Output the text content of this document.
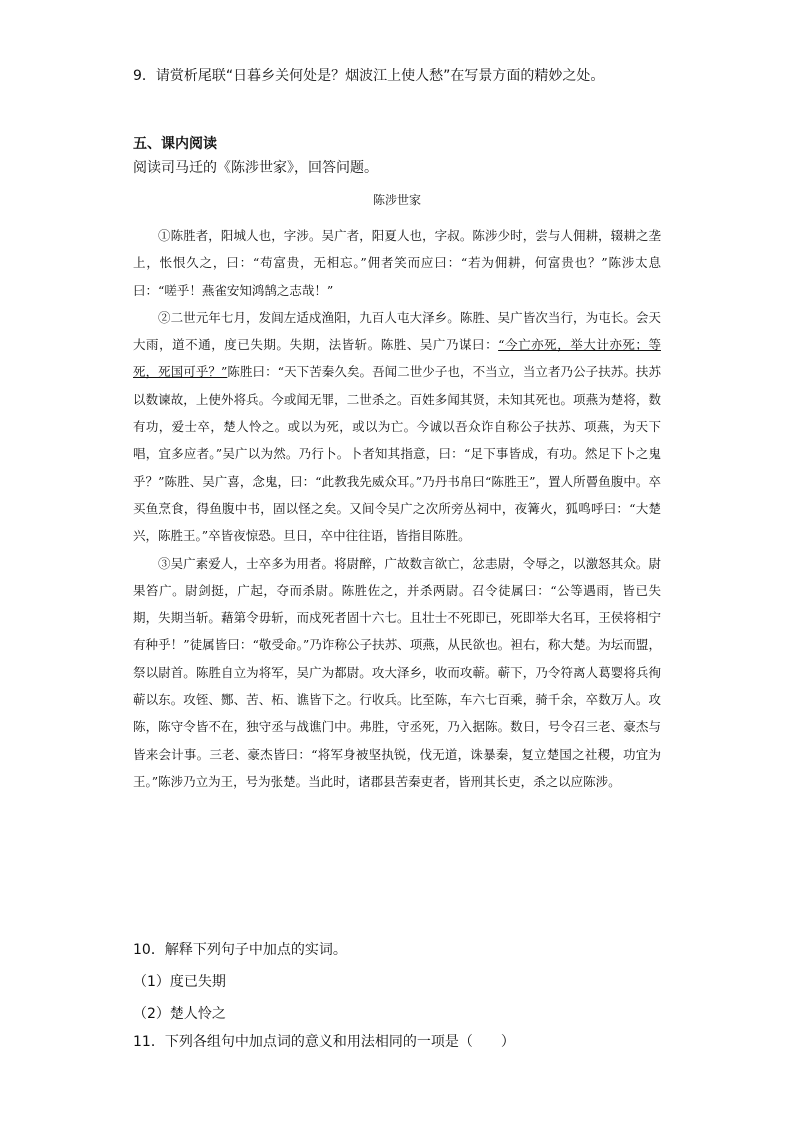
9．请赏析尾联“日暮乡关何处是？烟波江上使人愁”在写景方面的精妙之处。
五、课内阅读
阅读司马迁的《陈涉世家》，回答问题。
陈涉世家

①陈胜者，阳城人也，字涉。吴广者，阳夏人也，字叔。陈涉少时，尝与人佣耕，辍耕之垄上，怅恨久之，曰：“苟富贵，无相忘。”佣者笑而应曰：“若为佣耕，何富贵也？”陈涉太息曰：“嗟乎！燕雀安知鸿鹄之志哉！”

②二世元年七月，发闾左适戍渔阳，九百人屯大泽乡。陈胜、吴广皆次当行，为屯长。会天大雨，道不通，度已失期。失期，法皆斩。陈胜、吴广乃谋曰：“今亡亦死，举大计亦死；等死，死国可乎？”陈胜曰：“天下苦秦久矣。吾闻二世少子也，不当立，当立者乃公子扶苏。扶苏以数谏故，上使外将兵。今或闻无罪，二世杀之。百姓多闻其贤，未知其死也。项燕为楚将，数有功，爱士卒，楚人怜之。或以为死，或以为亡。今诚以吾众诈自称公子扶苏、项燕，为天下唱，宜多应者。”吴广以为然。乃行卜。卜者知其指意，曰：“足下事皆成，有功。然足下卜之鬼乎？”陈胜、吴广喜，念鬼，曰：“此教我先威众耳。”乃丹书帛曰“陈胜王”，置人所罾鱼腹中。卒买鱼烹食，得鱼腹中书，固以怪之矣。又间令吴广之次所旁丛祠中，夜篝火，狐鸣呼曰：“大楚兴，陈胜王。”卒皆夜惊恐。旦日，卒中往往语，皆指目陈胜。

③吴广素爱人，士卒多为用者。将尉醉，广故数言欲亡，忿恚尉，令辱之，以激怒其众。尉果笞广。尉剑挺，广起，夺而杀尉。陈胜佐之，并杀两尉。召令徒属曰：“公等遇雨，皆已失期，失期当斩。藉第令毋斩，而戍死者固十六七。且壮士不死即已，死即举大名耳，王侯将相宁有种乎！”徒属皆曰：“敬受命。”乃诈称公子扶苏、项燕，从民欲也。袒右，称大楚。为坛而盟，祭以尉首。陈胜自立为将军，吴广为都尉。攻大泽乡，收而攻蕲。蕲下，乃令符离人葛婴将兵徇蕲以东。攻铚、酂、苦、柘、谯皆下之。行收兵。比至陈，车六七百乘，骑千余，卒数万人。攻陈，陈守令皆不在，独守丞与战谯门中。弗胜，守丞死，乃入据陈。数日，号令召三老、豪杰与皆来会计事。三老、豪杰皆曰：“将军身被坚执锐，伐无道，诛暴秦，复立楚国之社稷，功宜为王。”陈涉乃立为王，号为张楚。当此时，诸郡县苦秦吏者，皆刑其长吏，杀之以应陈涉。

10．解释下列句子中加点的实词。
（1）度已失期
（2）楚人怜之
11．下列各组句中加点词的意义和用法相同的一项是（　　）
